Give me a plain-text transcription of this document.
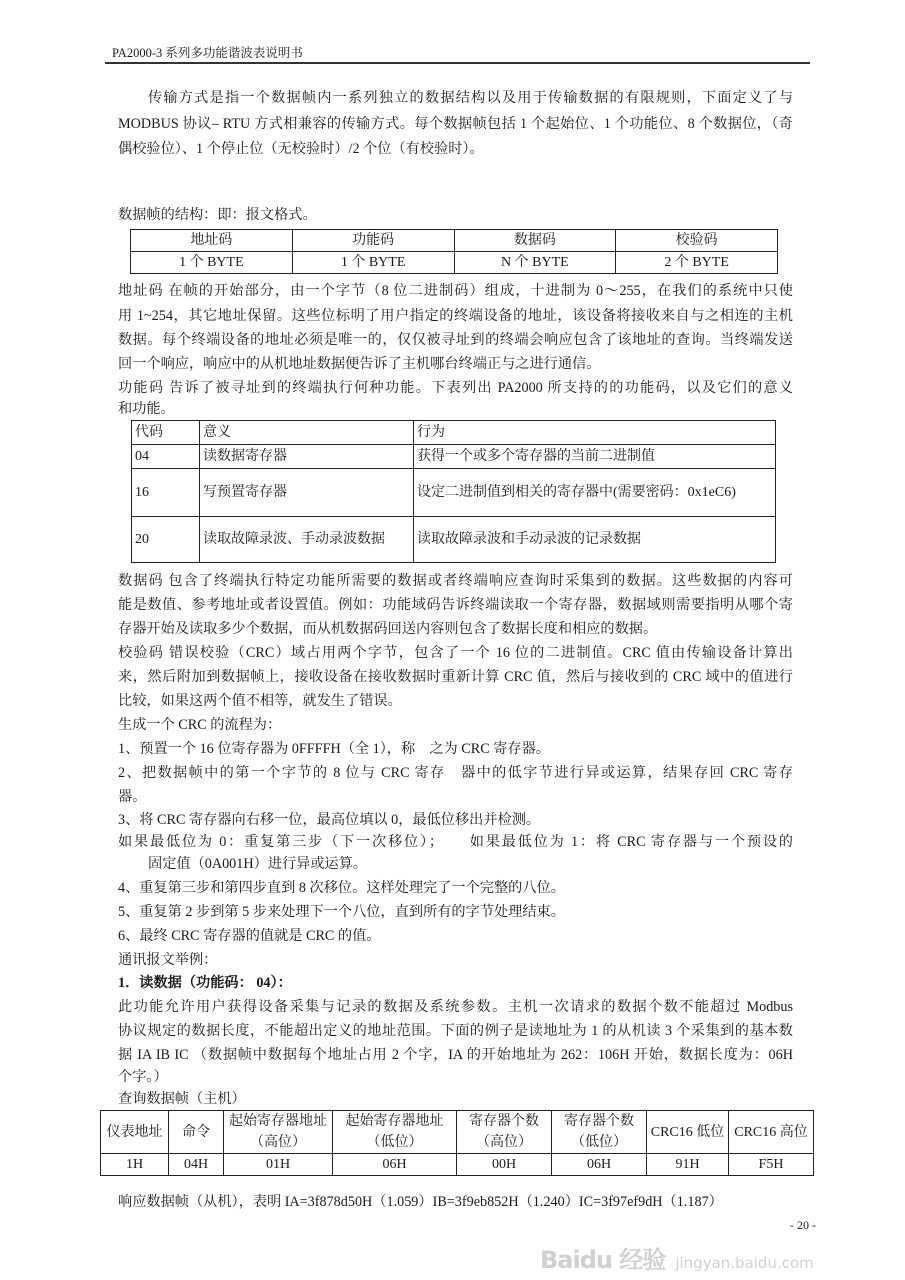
PA2000-3 系列多功能谐波表说明书
传输方式是指一个数据帧内一系列独立的数据结构以及用于传输数据的有限规则，下面定义了与
MODBUS 协议– RTU 方式相兼容的传输方式。每个数据帧包括 1 个起始位、1 个功能位、8 个数据位，（奇
偶校验位）、1 个停止位（无校验时）/2 个位（有校验时）。
数据帧的结构：即：报文格式。
地址码	功能码	数据码	校验码
1 个 BYTE	1 个 BYTE	N 个 BYTE	2 个 BYTE
地址码 在帧的开始部分，由一个字节（8 位二进制码）组成，十进制为 0～255，在我们的系统中只使
用 1~254，其它地址保留。这些位标明了用户指定的终端设备的地址，该设备将接收来自与之相连的主机
数据。每个终端设备的地址必须是唯一的，仅仅被寻址到的终端会响应包含了该地址的查询。当终端发送
回一个响应，响应中的从机地址数据便告诉了主机哪台终端正与之进行通信。
功能码 告诉了被寻址到的终端执行何种功能。下表列出 PA2000 所支持的的功能码，以及它们的意义
和功能。
代码	意义	行为
04	读数据寄存器	获得一个或多个寄存器的当前二进制值
16	写预置寄存器	设定二进制值到相关的寄存器中(需要密码：0x1eC6)
20	读取故障录波、手动录波数据	读取故障录波和手动录波的记录数据
数据码 包含了终端执行特定功能所需要的数据或者终端响应查询时采集到的数据。这些数据的内容可
能是数值、参考地址或者设置值。例如：功能域码告诉终端读取一个寄存器，数据域则需要指明从哪个寄
存器开始及读取多少个数据，而从机数据码回送内容则包含了数据长度和相应的数据。
校验码 错误校验（CRC）域占用两个字节，包含了一个 16 位的二进制值。CRC 值由传输设备计算出
来，然后附加到数据帧上，接收设备在接收数据时重新计算 CRC 值，然后与接收到的 CRC 域中的值进行
比较，如果这两个值不相等，就发生了错误。
生成一个 CRC 的流程为：
1、预置一个 16 位寄存器为 0FFFFH（全 1），称　之为 CRC 寄存器。
2、把数据帧中的第一个字节的 8 位与 CRC 寄存　器中的低字节进行异或运算，结果存回 CRC 寄存
器。
3、将 CRC 寄存器向右移一位，最高位填以 0，最低位移出并检测。
如果最低位为 0：重复第三步（下一次移位）；　　如果最低位为 1：将 CRC 寄存器与一个预设的
固定值（0A001H）进行异或运算。
4、重复第三步和第四步直到 8 次移位。这样处理完了一个完整的八位。
5、重复第 2 步到第 5 步来处理下一个八位，直到所有的字节处理结束。
6、最终 CRC 寄存器的值就是 CRC 的值。
通讯报文举例：
1．读数据（功能码： 04）：
此功能允许用户获得设备采集与记录的数据及系统参数。主机一次请求的数据个数不能超过 Modbus
协议规定的数据长度，不能超出定义的地址范围。下面的例子是读地址为 1 的从机读 3 个采集到的基本数
据 IA IB IC （数据帧中数据每个地址占用 2 个字，IA 的开始地址为 262：106H 开始，数据长度为：06H
个字。）
查询数据帧（主机）
仪表地址	命令	起始寄存器地址（高位）	起始寄存器地址（低位）	寄存器个数（高位）	寄存器个数（低位）	CRC16 低位	CRC16 高位
1H	04H	01H	06H	00H	06H	91H	F5H
响应数据帧（从机），表明 IA=3f878d50H（1.059）IB=3f9eb852H（1.240）IC=3f97ef9dH（1.187）
- 20 -
Baidu 经验 jingyan.baidu.com
